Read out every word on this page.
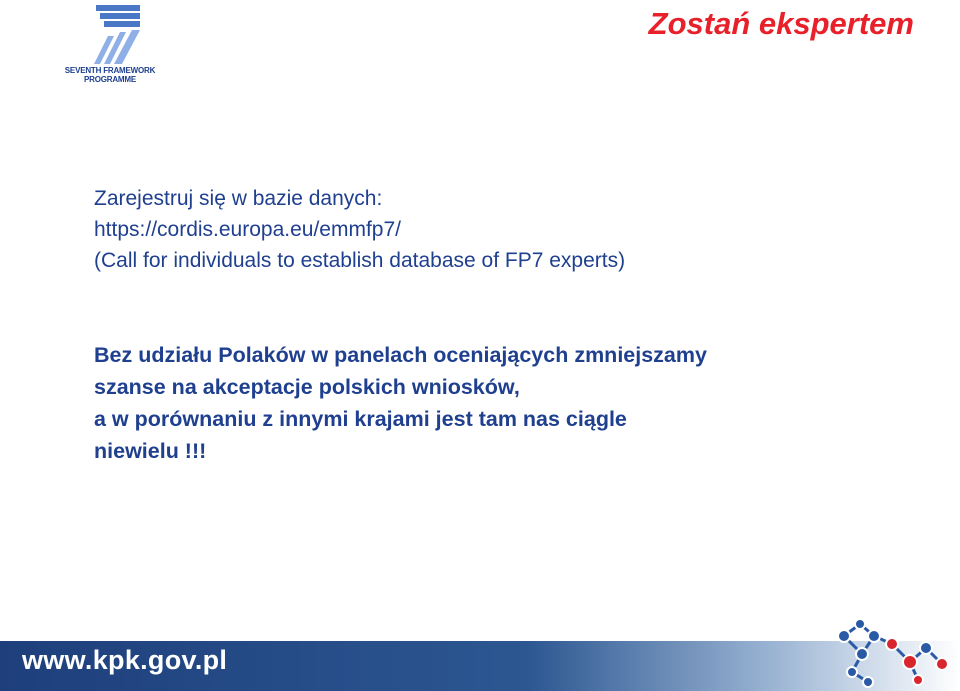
SEVENTH FRAMEWORK
PROGRAMME
Zostań ekspertem
Zarejestruj się w bazie danych:
https://cordis.europa.eu/emmfp7/
(Call for individuals to establish database of FP7 experts)
Bez udziału Polaków w panelach oceniających zmniejszamy
szanse na akceptacje polskich wniosków,
a w porównaniu z innymi krajami jest tam nas ciągle
niewielu !!!
www.kpk.gov.pl
